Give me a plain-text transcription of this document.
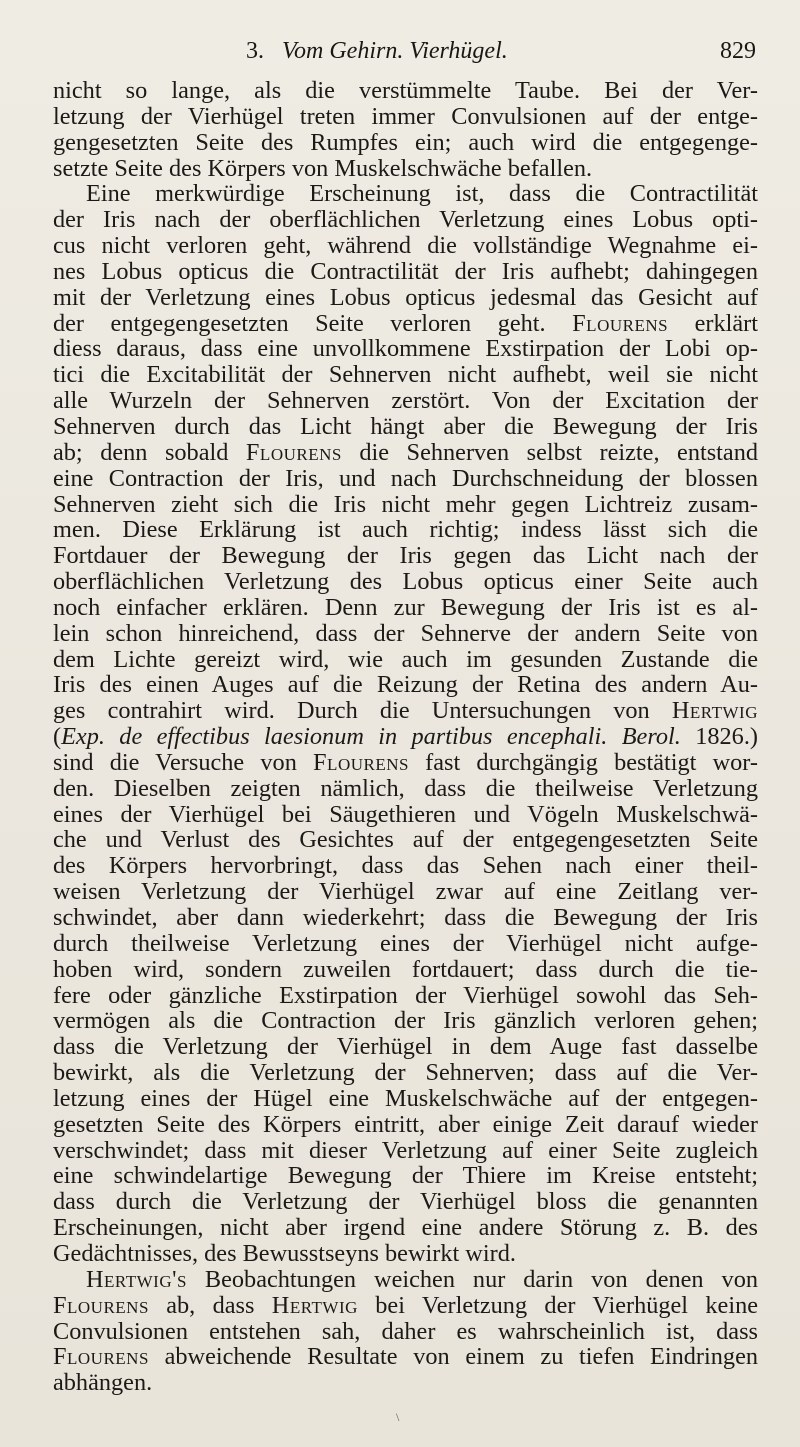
3. Vom Gehirn. Vierhügel.	829
nicht so lange, als die verstümmelte Taube. Bei der Ver-
letzung der Vierhügel treten immer Convulsionen auf der entge-
gengesetzten Seite des Rumpfes ein; auch wird die entgegenge-
setzte Seite des Körpers von Muskelschwäche befallen.
Eine merkwürdige Erscheinung ist, dass die Contractilität
der Iris nach der oberflächlichen Verletzung eines Lobus opti-
cus nicht verloren geht, während die vollständige Wegnahme ei-
nes Lobus opticus die Contractilität der Iris aufhebt; dahingegen
mit der Verletzung eines Lobus opticus jedesmal das Gesicht auf
der entgegengesetzten Seite verloren geht. Flourens erklärt
diess daraus, dass eine unvollkommene Exstirpation der Lobi op-
tici die Excitabilität der Sehnerven nicht aufhebt, weil sie nicht
alle Wurzeln der Sehnerven zerstört. Von der Excitation der
Sehnerven durch das Licht hängt aber die Bewegung der Iris
ab; denn sobald Flourens die Sehnerven selbst reizte, entstand
eine Contraction der Iris, und nach Durchschneidung der blossen
Sehnerven zieht sich die Iris nicht mehr gegen Lichtreiz zusam-
men. Diese Erklärung ist auch richtig; indess lässt sich die
Fortdauer der Bewegung der Iris gegen das Licht nach der
oberflächlichen Verletzung des Lobus opticus einer Seite auch
noch einfacher erklären. Denn zur Bewegung der Iris ist es al-
lein schon hinreichend, dass der Sehnerve der andern Seite von
dem Lichte gereizt wird, wie auch im gesunden Zustande die
Iris des einen Auges auf die Reizung der Retina des andern Au-
ges contrahirt wird. Durch die Untersuchungen von Hertwig
(Exp. de effectibus laesionum in partibus encephali. Berol. 1826.)
sind die Versuche von Flourens fast durchgängig bestätigt wor-
den. Dieselben zeigten nämlich, dass die theilweise Verletzung
eines der Vierhügel bei Säugethieren und Vögeln Muskelschwä-
che und Verlust des Gesichtes auf der entgegengesetzten Seite
des Körpers hervorbringt, dass das Sehen nach einer theil-
weisen Verletzung der Vierhügel zwar auf eine Zeitlang ver-
schwindet, aber dann wiederkehrt; dass die Bewegung der Iris
durch theilweise Verletzung eines der Vierhügel nicht aufge-
hoben wird, sondern zuweilen fortdauert; dass durch die tie-
fere oder gänzliche Exstirpation der Vierhügel sowohl das Seh-
vermögen als die Contraction der Iris gänzlich verloren gehen;
dass die Verletzung der Vierhügel in dem Auge fast dasselbe
bewirkt, als die Verletzung der Sehnerven; dass auf die Ver-
letzung eines der Hügel eine Muskelschwäche auf der entgegen-
gesetzten Seite des Körpers eintritt, aber einige Zeit darauf wieder
verschwindet; dass mit dieser Verletzung auf einer Seite zugleich
eine schwindelartige Bewegung der Thiere im Kreise entsteht;
dass durch die Verletzung der Vierhügel bloss die genannten
Erscheinungen, nicht aber irgend eine andere Störung z. B. des
Gedächtnisses, des Bewusstseyns bewirkt wird.
Hertwig's Beobachtungen weichen nur darin von denen von
Flourens ab, dass Hertwig bei Verletzung der Vierhügel keine
Convulsionen entstehen sah, daher es wahrscheinlich ist, dass
Flourens abweichende Resultate von einem zu tiefen Eindringen
abhängen.
\
